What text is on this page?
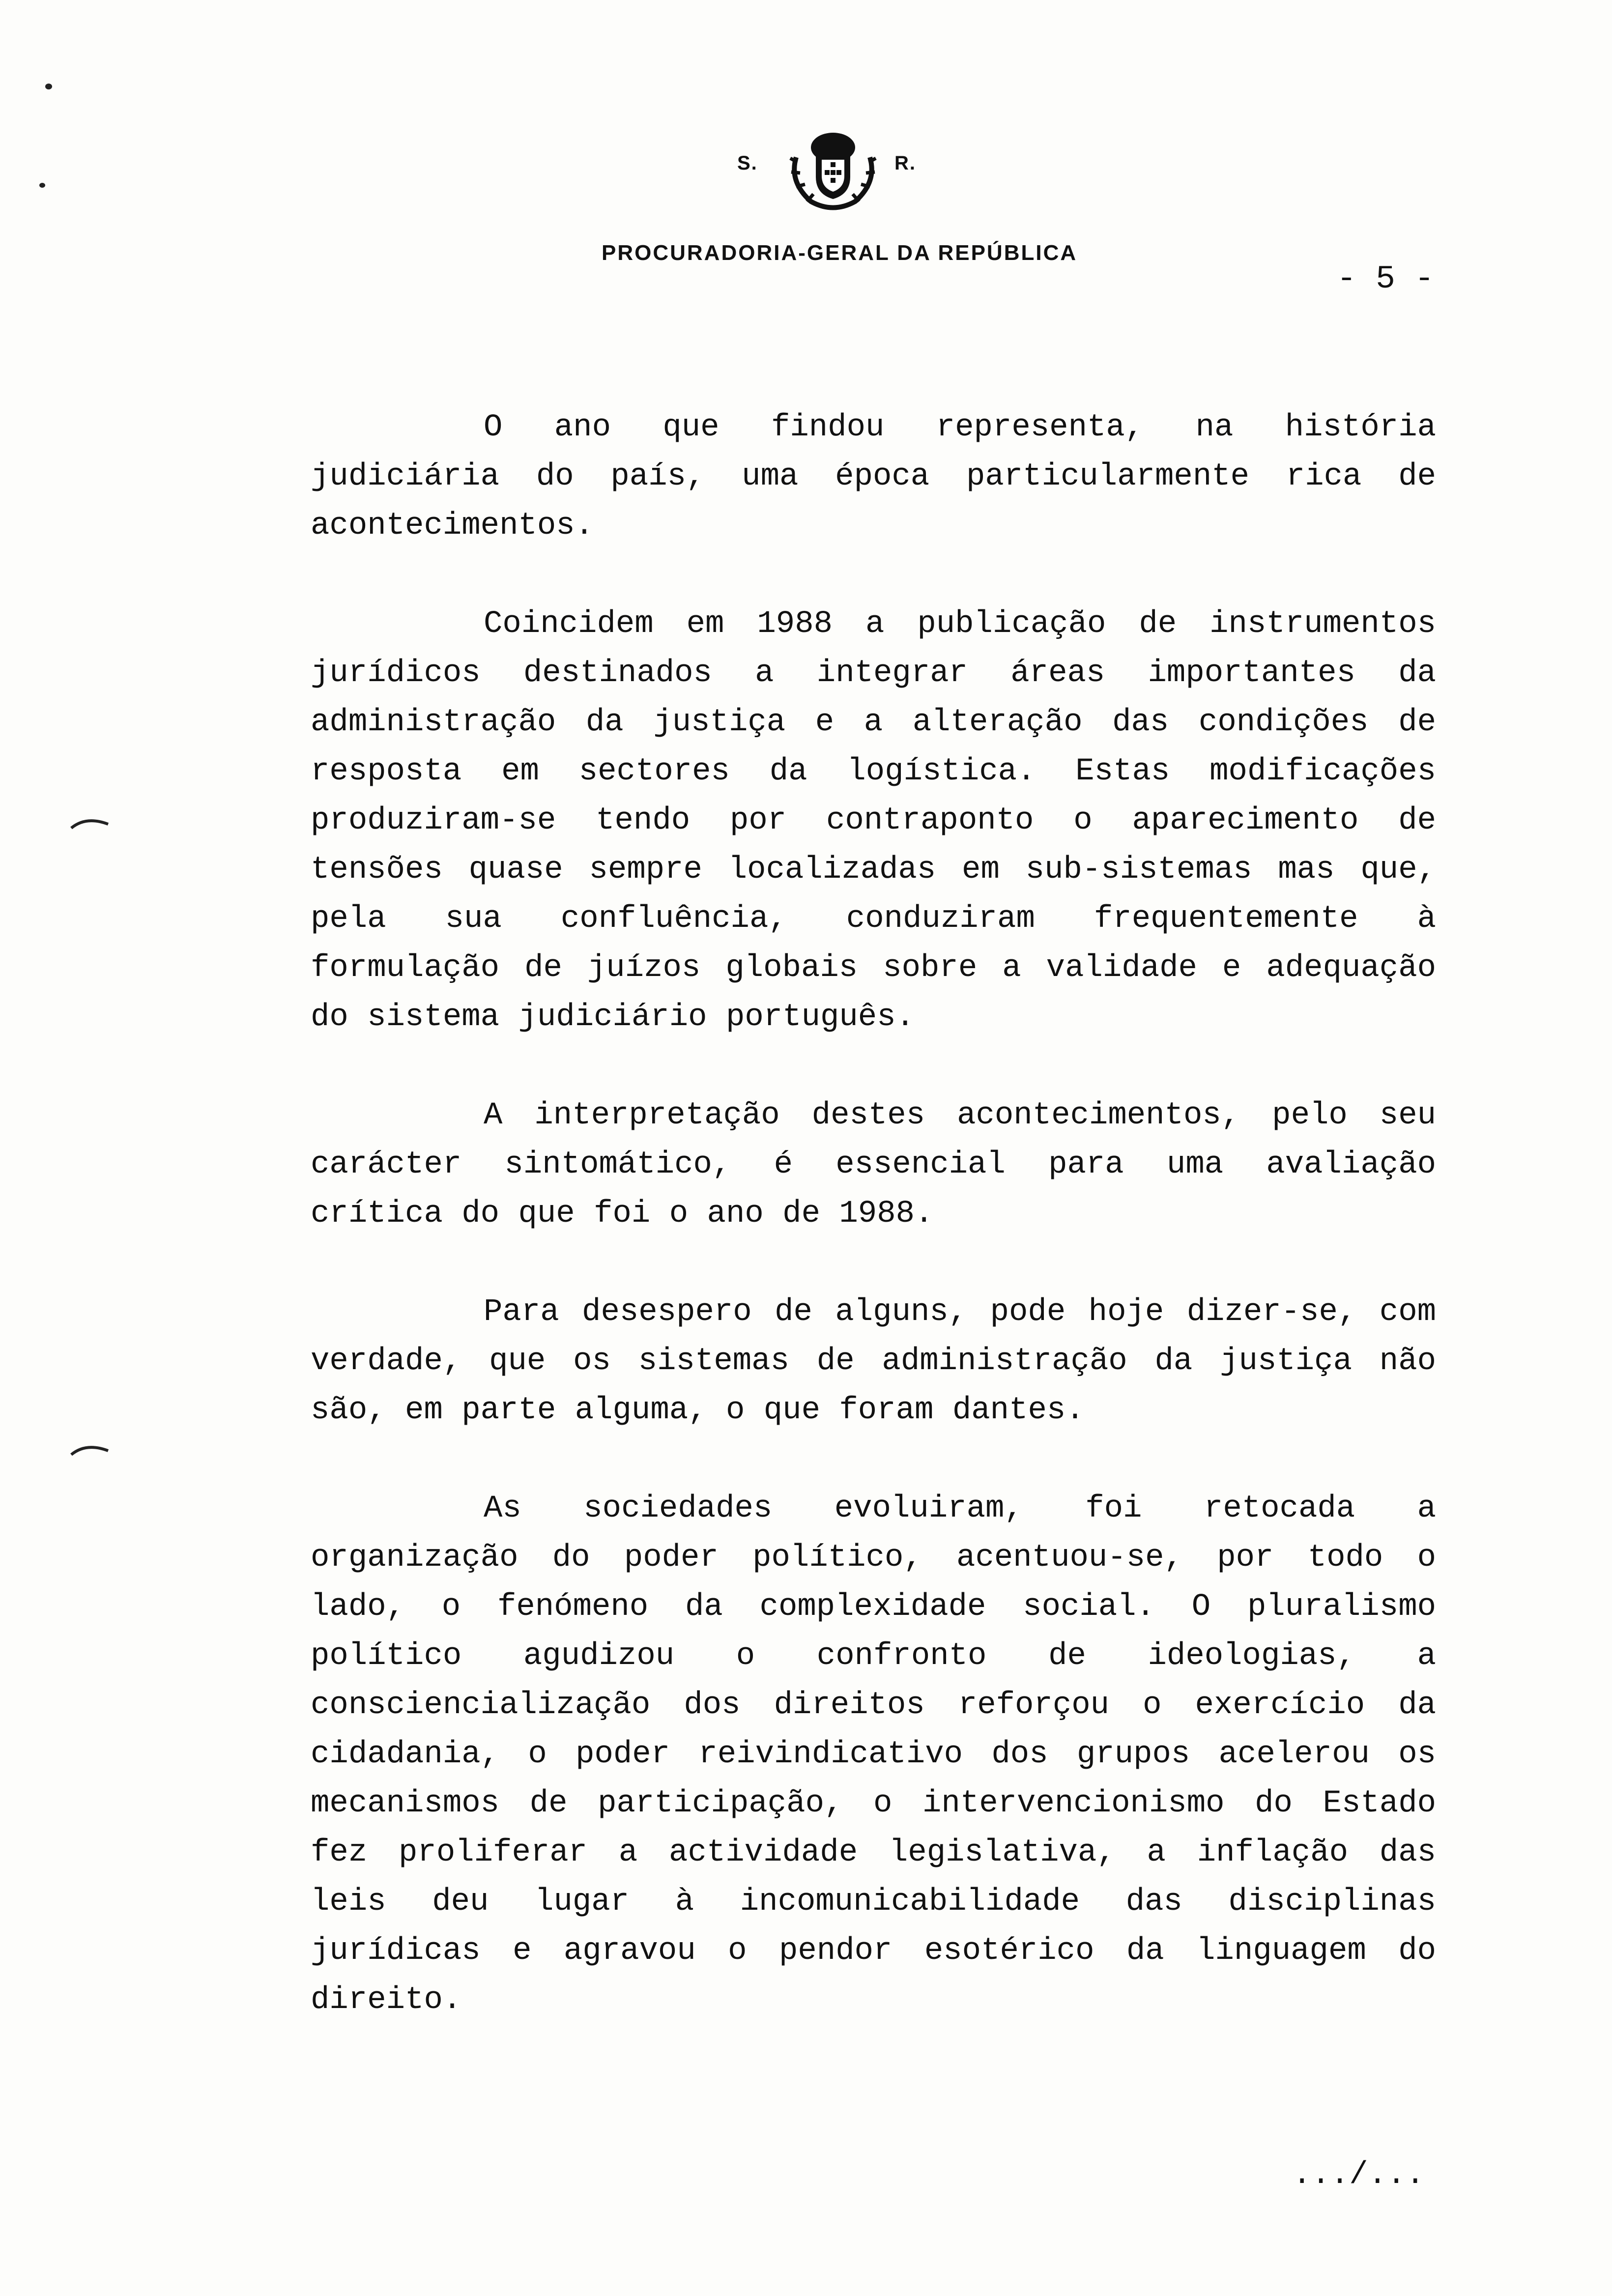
S.	R.
PROCURADORIA-GERAL DA REPÚBLICA
- 5 -

O ano que findou representa, na história judiciária do país, uma época particularmente rica de acontecimentos.

Coincidem em 1988 a publicação de instrumentos jurídicos destinados a integrar áreas importantes da administração da justiça e a alteração das condições de resposta em sectores da logística. Estas modificações produziram-se tendo por contraponto o aparecimento de tensões quase sempre localizadas em sub-sistemas mas que, pela sua confluência, conduziram frequentemente à formulação de juízos globais sobre a validade e adequação do sistema judiciário português.

A interpretação destes acontecimentos, pelo seu carácter sintomático, é essencial para uma avaliação crítica do que foi o ano de 1988.

Para desespero de alguns, pode hoje dizer-se, com verdade, que os sistemas de administração da justiça não são, em parte alguma, o que foram dantes.

As sociedades evoluiram, foi retocada a organização do poder político, acentuou-se, por todo o lado, o fenómeno da complexidade social. O pluralismo político agudizou o confronto de ideologias, a consciencialização dos direitos reforçou o exercício da cidadania, o poder reivindicativo dos grupos acelerou os mecanismos de participação, o intervencionismo do Estado fez proliferar a actividade legislativa, a inflação das leis deu lugar à incomunicabilidade das disciplinas jurídicas e agravou o pendor esotérico da linguagem do direito.

.../...
